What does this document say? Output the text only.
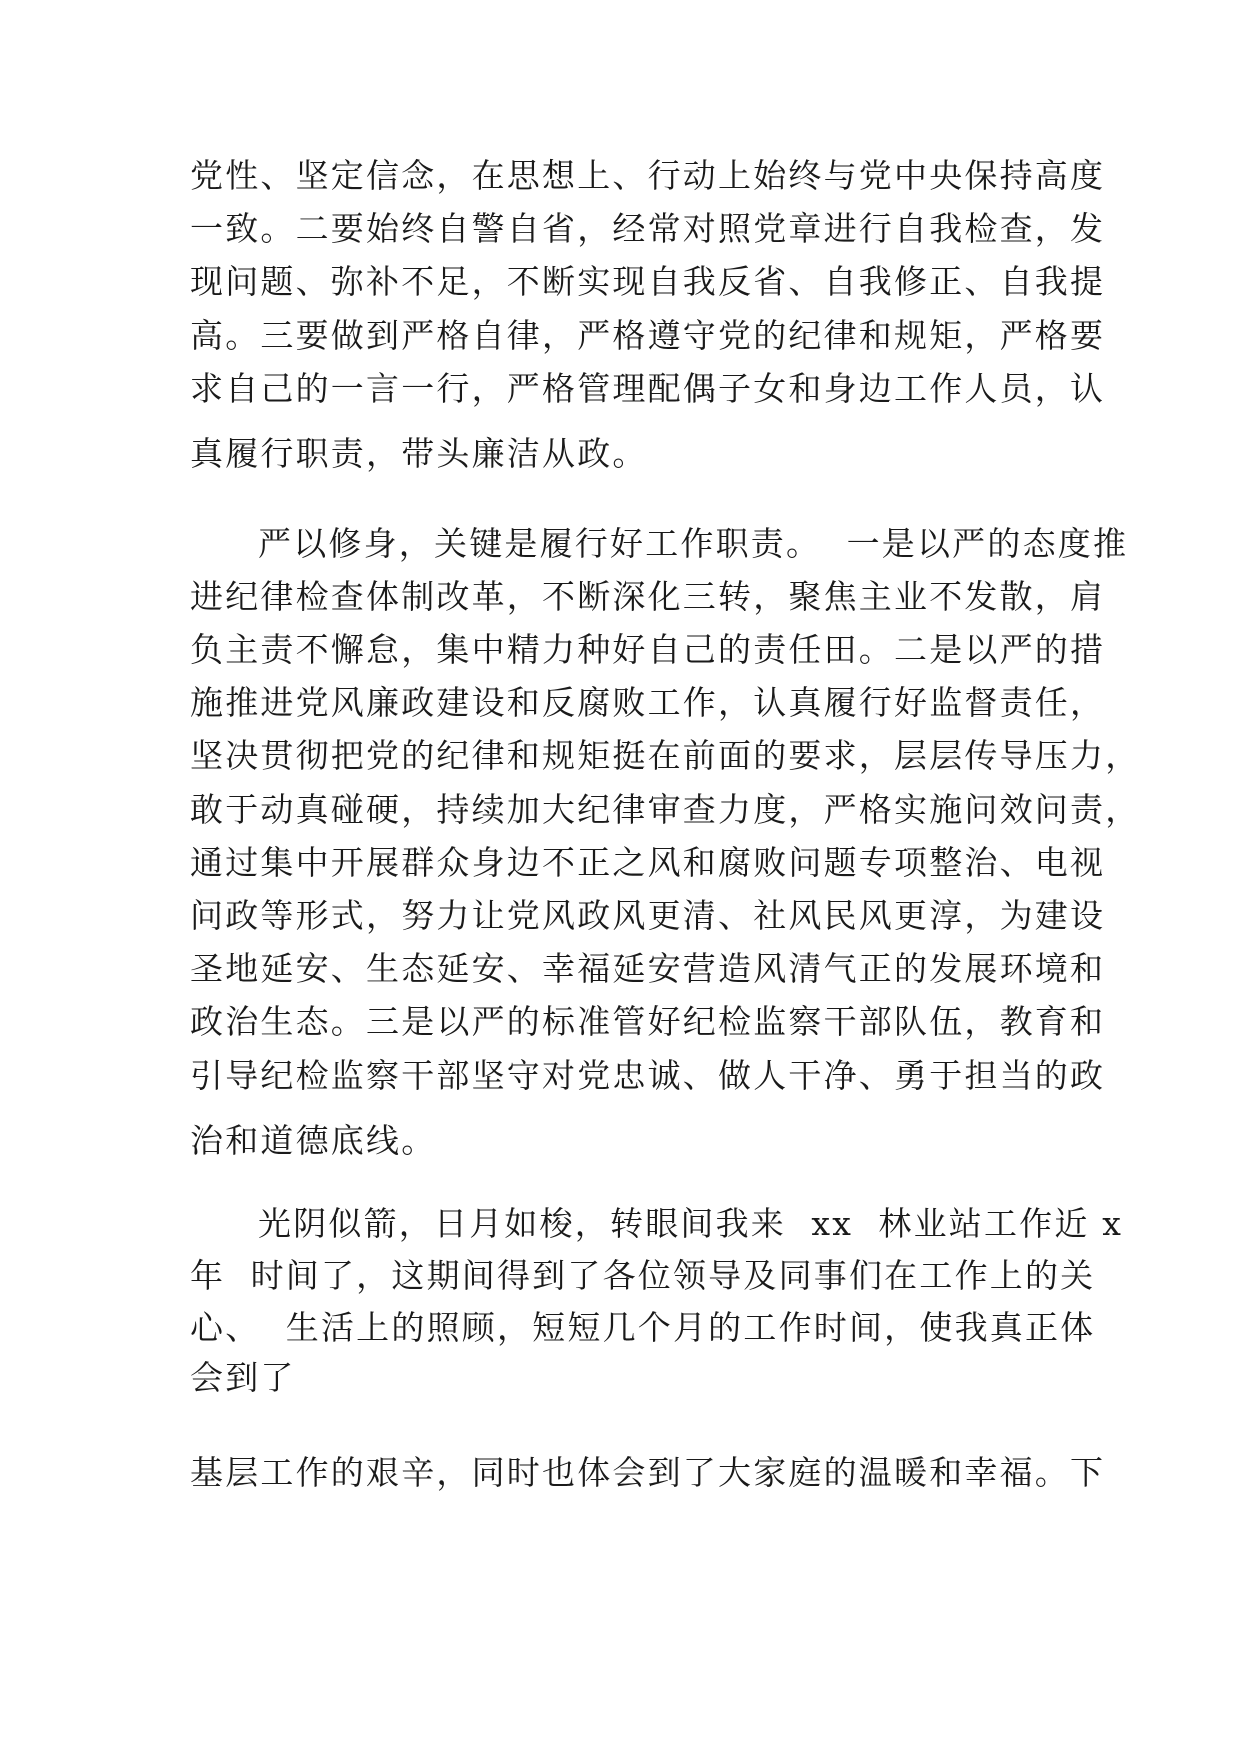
党性、坚定信念，在思想上、行动上始终与党中央保持高度

一致。二要始终自警自省，经常对照党章进行自我检查，发

现问题、弥补不足，不断实现自我反省、自我修正、自我提

高。三要做到严格自律，严格遵守党的纪律和规矩，严格要

求自己的一言一行，严格管理配偶子女和身边工作人员，认

真履行职责，带头廉洁从政。

严以修身，关键是履行好工作职责。  一是以严的态度推

进纪律检查体制改革，不断深化三转，聚焦主业不发散，肩

负主责不懈怠，集中精力种好自己的责任田。二是以严的措

施推进党风廉政建设和反腐败工作，认真履行好监督责任，

坚决贯彻把党的纪律和规矩挺在前面的要求，层层传导压力，

敢于动真碰硬，持续加大纪律审查力度，严格实施问效问责，

通过集中开展群众身边不正之风和腐败问题专项整治、电视

问政等形式，努力让党风政风更清、社风民风更淳，为建设

圣地延安、生态延安、幸福延安营造风清气正的发展环境和

政治生态。三是以严的标准管好纪检监察干部队伍，教育和

引导纪检监察干部坚守对党忠诚、做人干净、勇于担当的政

治和道德底线。

光阴似箭，日月如梭，转眼间我来  xx  林业站工作近 x

年  时间了，这期间得到了各位领导及同事们在工作上的关

心、  生活上的照顾，短短几个月的工作时间，使我真正体

会到了

基层工作的艰辛，同时也体会到了大家庭的温暖和幸福。下
